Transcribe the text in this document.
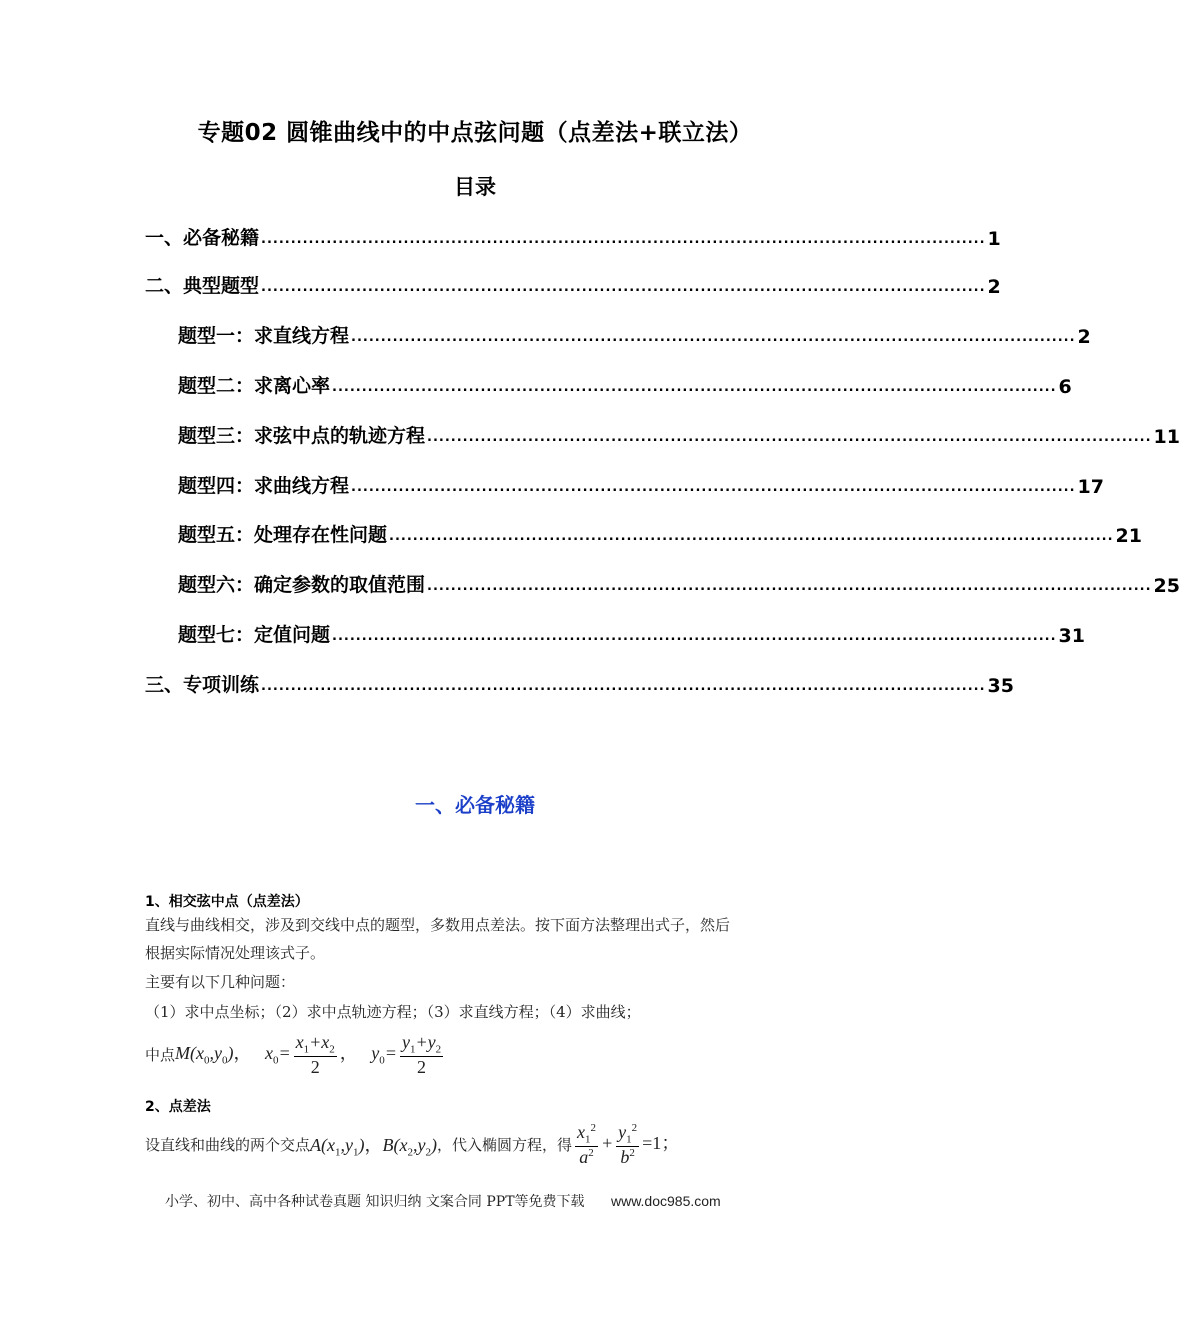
专题02 圆锥曲线中的中点弦问题（点差法+联立法）
目录
一、必备秘籍 .......................................................................................................................... 1
二、典型题型 .......................................................................................................................... 2
题型一：求直线方程 .......................................................................................................................... 2
题型二：求离心率 .......................................................................................................................... 6
题型三：求弦中点的轨迹方程 .......................................................................................................................... 11
题型四：求曲线方程 .......................................................................................................................... 17
题型五：处理存在性问题 .......................................................................................................................... 21
题型六：确定参数的取值范围 .......................................................................................................................... 25
题型七：定值问题 .......................................................................................................................... 31
三、专项训练 .......................................................................................................................... 35
一、必备秘籍
1、相交弦中点（点差法）
直线与曲线相交，涉及到交线中点的题型，多数用点差法。按下面方法整理出式子，然后
根据实际情况处理该式子。
主要有以下几种问题：
（1）求中点坐标；（2）求中点轨迹方程；（3）求直线方程；（4）求曲线；
中点 $M(x_0,y_0)$，   $x_0= \frac{x_1+x_2}{2}$ ，   $y_0= \frac{y_1+y_2}{2}$
2、点差法
设直线和曲线的两个交点 $A(x_1,y_1)$，$B(x_2,y_2)$ ，代入椭圆方程，得 $\frac{x_1^2}{a^2} + \frac{y_1^2}{b^2} =1$；
小学、初中、高中各种试卷真题 知识归纳 文案合同 PPT等免费下载 www.doc985.com
